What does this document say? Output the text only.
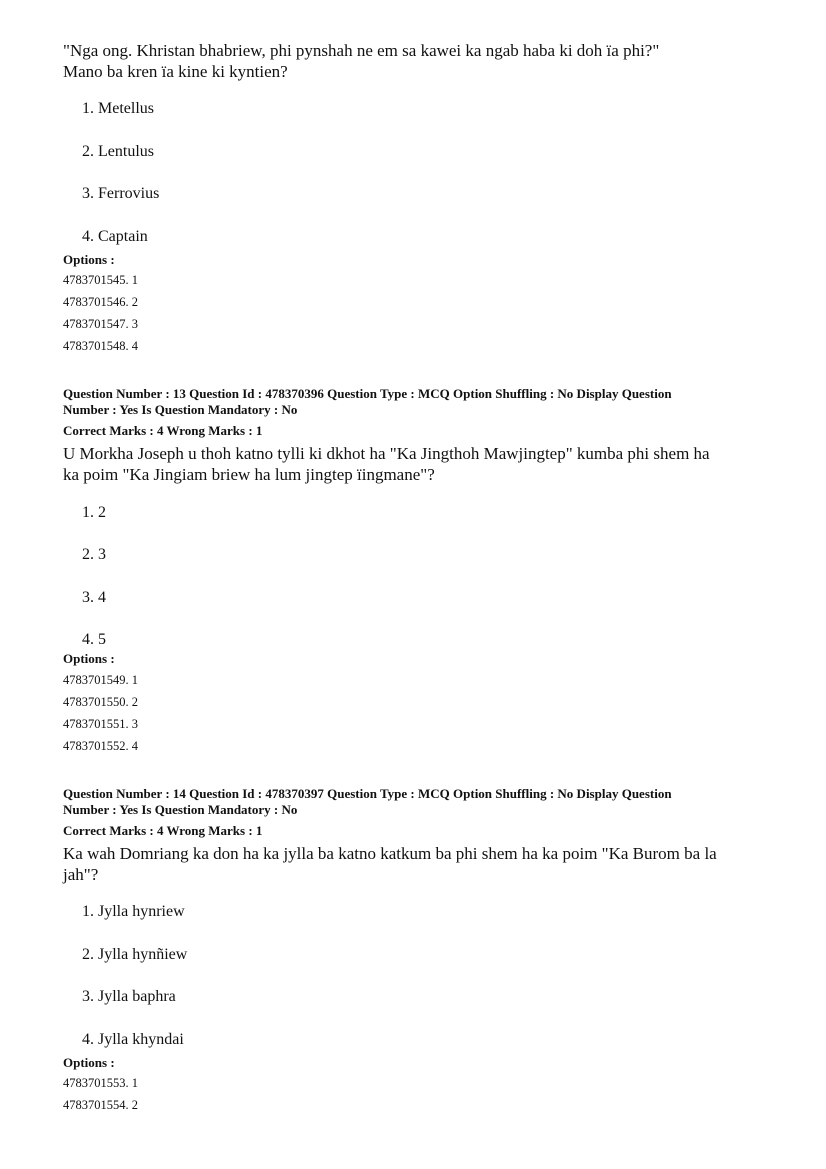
"Nga ong. Khristan bhabriew, phi pynshah ne em sa kawei ka ngab haba ki doh ïa phi?"
Mano ba kren ïa kine ki kyntien?
1. Metellus
2. Lentulus
3. Ferrovius
4. Captain
Options :
4783701545. 1
4783701546. 2
4783701547. 3
4783701548. 4
Question Number : 13 Question Id : 478370396 Question Type : MCQ Option Shuffling : No Display Question
Number : Yes Is Question Mandatory : No
Correct Marks : 4 Wrong Marks : 1
U Morkha Joseph u thoh katno tylli ki dkhot ha "Ka Jingthoh Mawjingtep" kumba phi shem ha
ka poim "Ka Jingiam briew ha lum jingtep ïingmane"?
1. 2
2. 3
3. 4
4. 5
Options :
4783701549. 1
4783701550. 2
4783701551. 3
4783701552. 4
Question Number : 14 Question Id : 478370397 Question Type : MCQ Option Shuffling : No Display Question
Number : Yes Is Question Mandatory : No
Correct Marks : 4 Wrong Marks : 1
Ka wah Domriang ka don ha ka jylla ba katno katkum ba phi shem ha ka poim "Ka Burom ba la
jah"?
1. Jylla hynriew
2. Jylla hynñiew
3. Jylla baphra
4. Jylla khyndai
Options :
4783701553. 1
4783701554. 2
